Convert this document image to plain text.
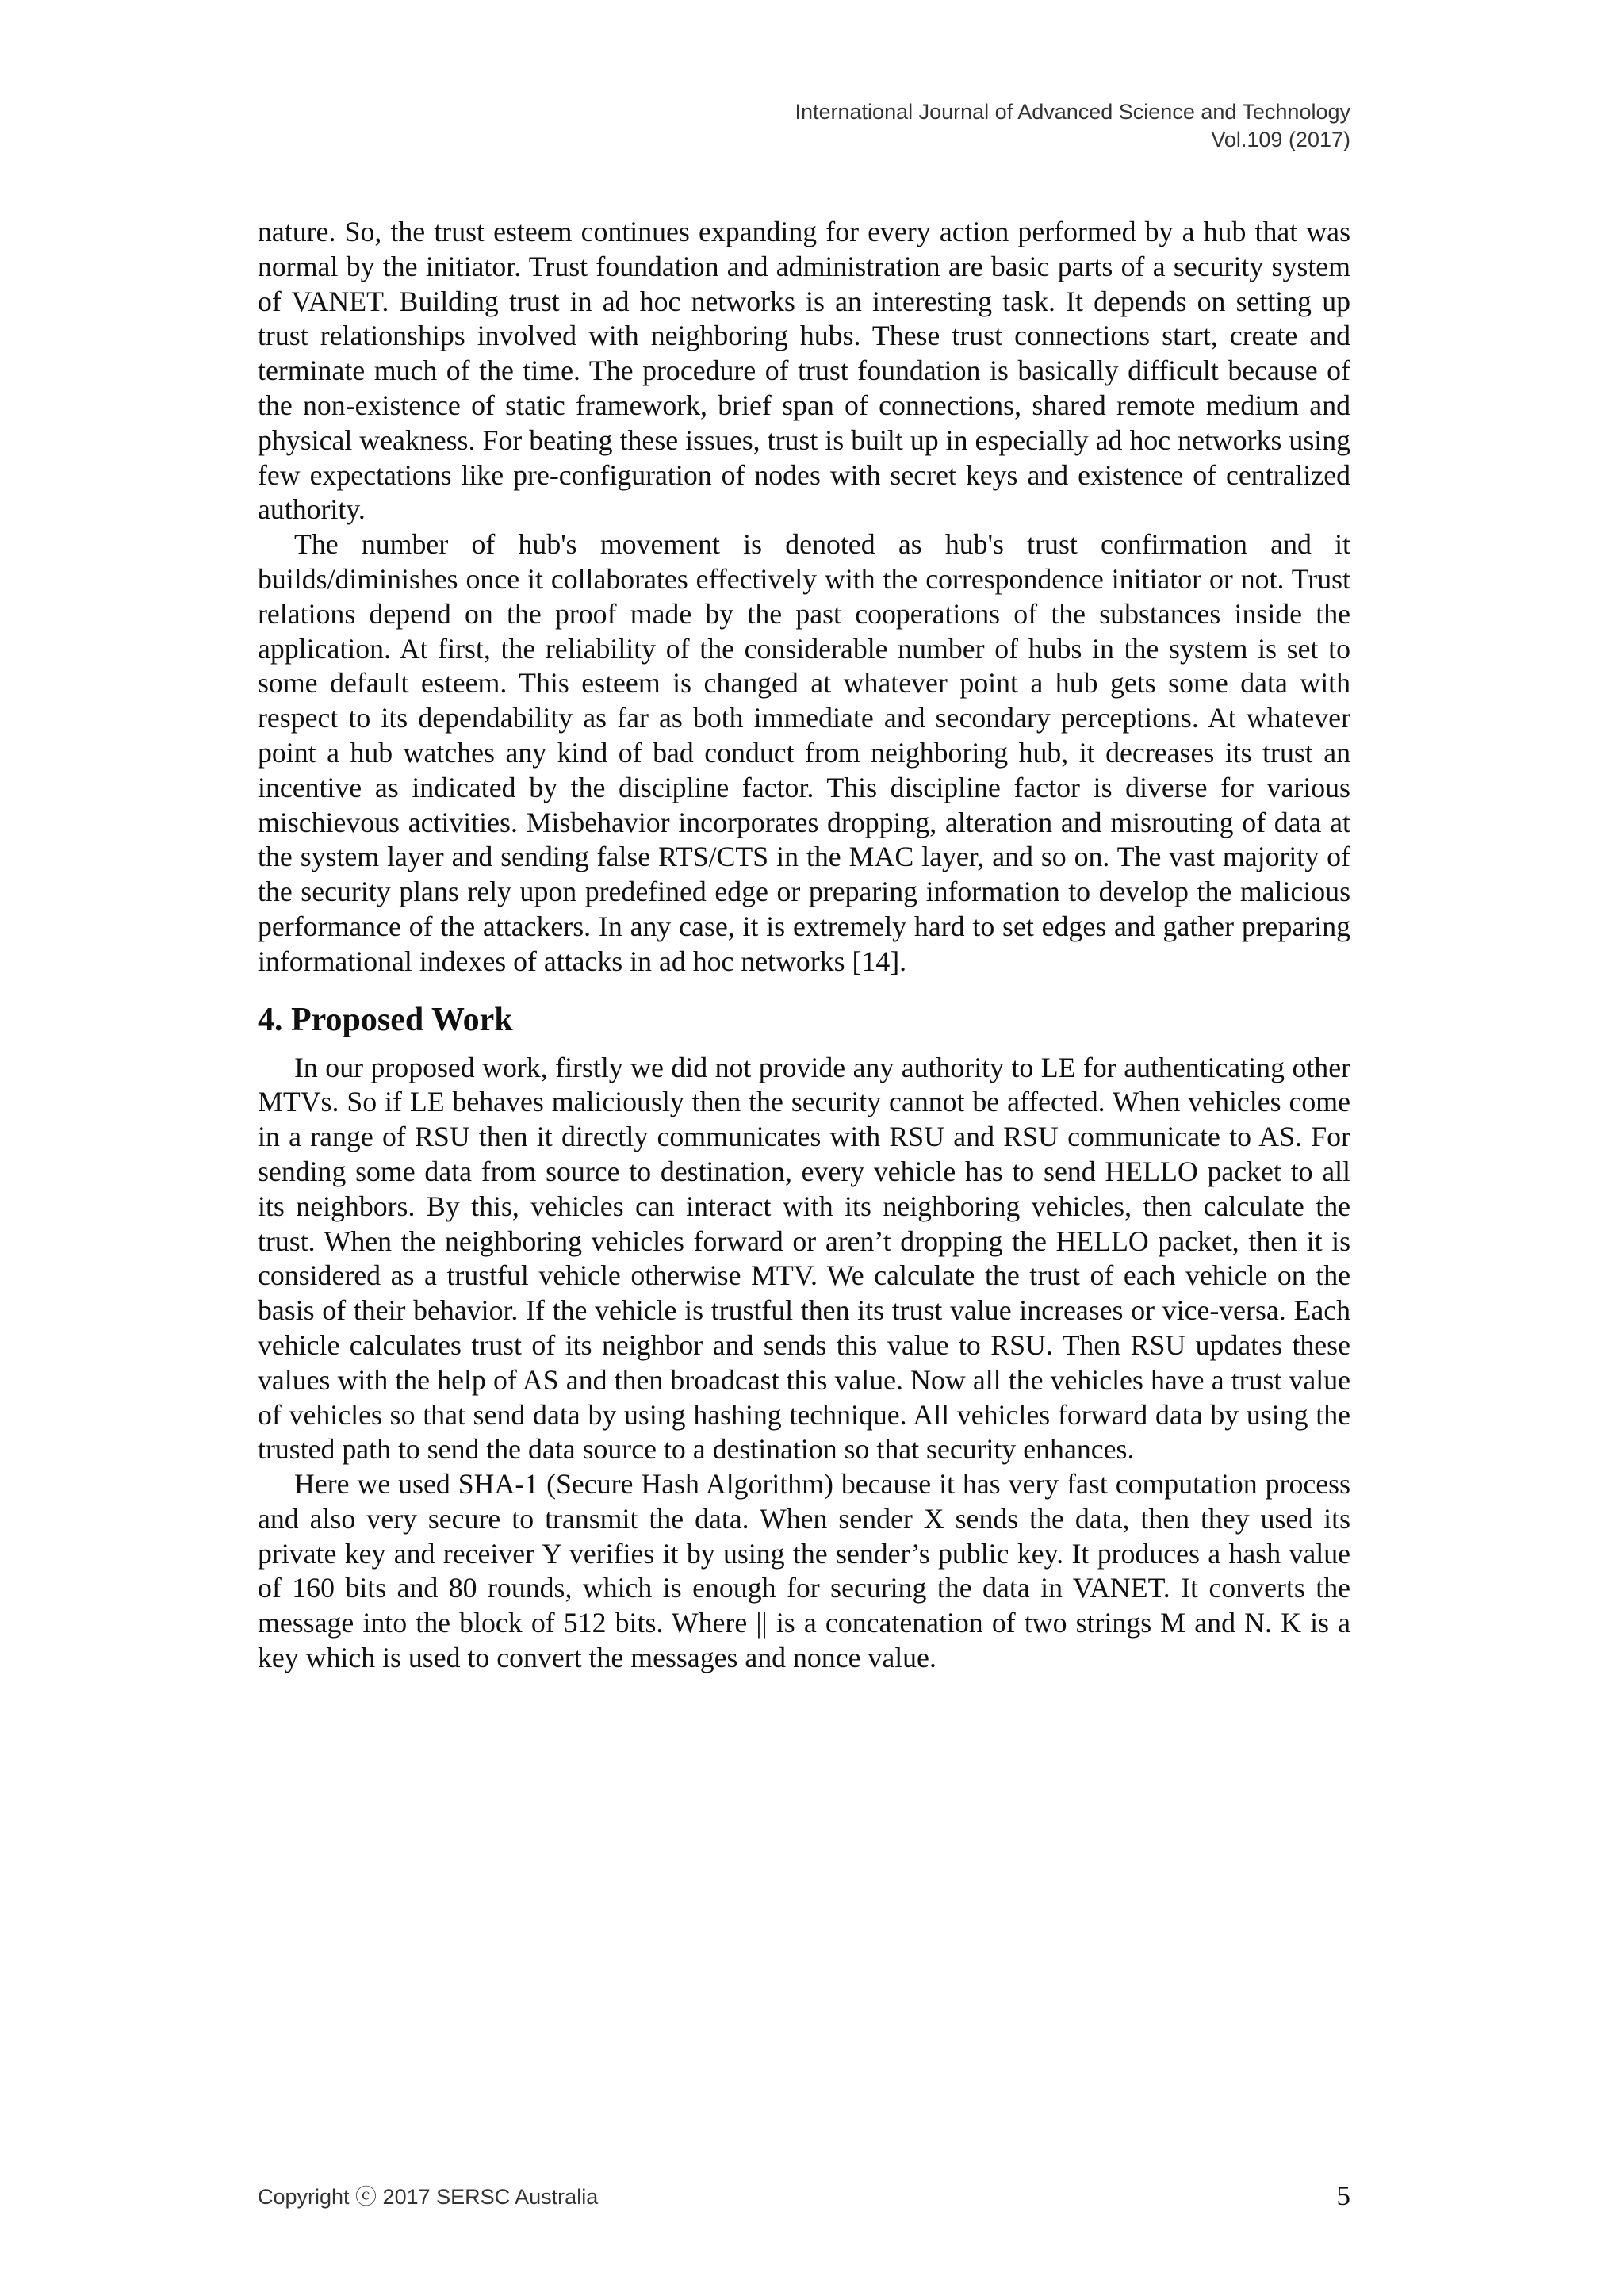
International Journal of Advanced Science and Technology
Vol.109 (2017)

nature. So, the trust esteem continues expanding for every action performed by a hub that was normal by the initiator. Trust foundation and administration are basic parts of a security system of VANET. Building trust in ad hoc networks is an interesting task. It depends on setting up trust relationships involved with neighboring hubs. These trust connections start, create and terminate much of the time. The procedure of trust foundation is basically difficult because of the non-existence of static framework, brief span of connections, shared remote medium and physical weakness. For beating these issues, trust is built up in especially ad hoc networks using few expectations like pre-configuration of nodes with secret keys and existence of centralized authority.

The number of hub's movement is denoted as hub's trust confirmation and it builds/diminishes once it collaborates effectively with the correspondence initiator or not. Trust relations depend on the proof made by the past cooperations of the substances inside the application. At first, the reliability of the considerable number of hubs in the system is set to some default esteem. This esteem is changed at whatever point a hub gets some data with respect to its dependability as far as both immediate and secondary perceptions. At whatever point a hub watches any kind of bad conduct from neighboring hub, it decreases its trust an incentive as indicated by the discipline factor. This discipline factor is diverse for various mischievous activities. Misbehavior incorporates dropping, alteration and misrouting of data at the system layer and sending false RTS/CTS in the MAC layer, and so on. The vast majority of the security plans rely upon predefined edge or preparing information to develop the malicious performance of the attackers. In any case, it is extremely hard to set edges and gather preparing informational indexes of attacks in ad hoc networks [14].

4. Proposed Work

In our proposed work, firstly we did not provide any authority to LE for authenticating other MTVs. So if LE behaves maliciously then the security cannot be affected. When vehicles come in a range of RSU then it directly communicates with RSU and RSU communicate to AS. For sending some data from source to destination, every vehicle has to send HELLO packet to all its neighbors. By this, vehicles can interact with its neighboring vehicles, then calculate the trust. When the neighboring vehicles forward or aren’t dropping the HELLO packet, then it is considered as a trustful vehicle otherwise MTV. We calculate the trust of each vehicle on the basis of their behavior. If the vehicle is trustful then its trust value increases or vice-versa. Each vehicle calculates trust of its neighbor and sends this value to RSU. Then RSU updates these values with the help of AS and then broadcast this value. Now all the vehicles have a trust value of vehicles so that send data by using hashing technique. All vehicles forward data by using the trusted path to send the data source to a destination so that security enhances.

Here we used SHA-1 (Secure Hash Algorithm) because it has very fast computation process and also very secure to transmit the data. When sender X sends the data, then they used its private key and receiver Y verifies it by using the sender’s public key. It produces a hash value of 160 bits and 80 rounds, which is enough for securing the data in VANET. It converts the message into the block of 512 bits. Where || is a concatenation of two strings M and N. K is a key which is used to convert the messages and nonce value.

Copyright ⓒ 2017 SERSC Australia	5
